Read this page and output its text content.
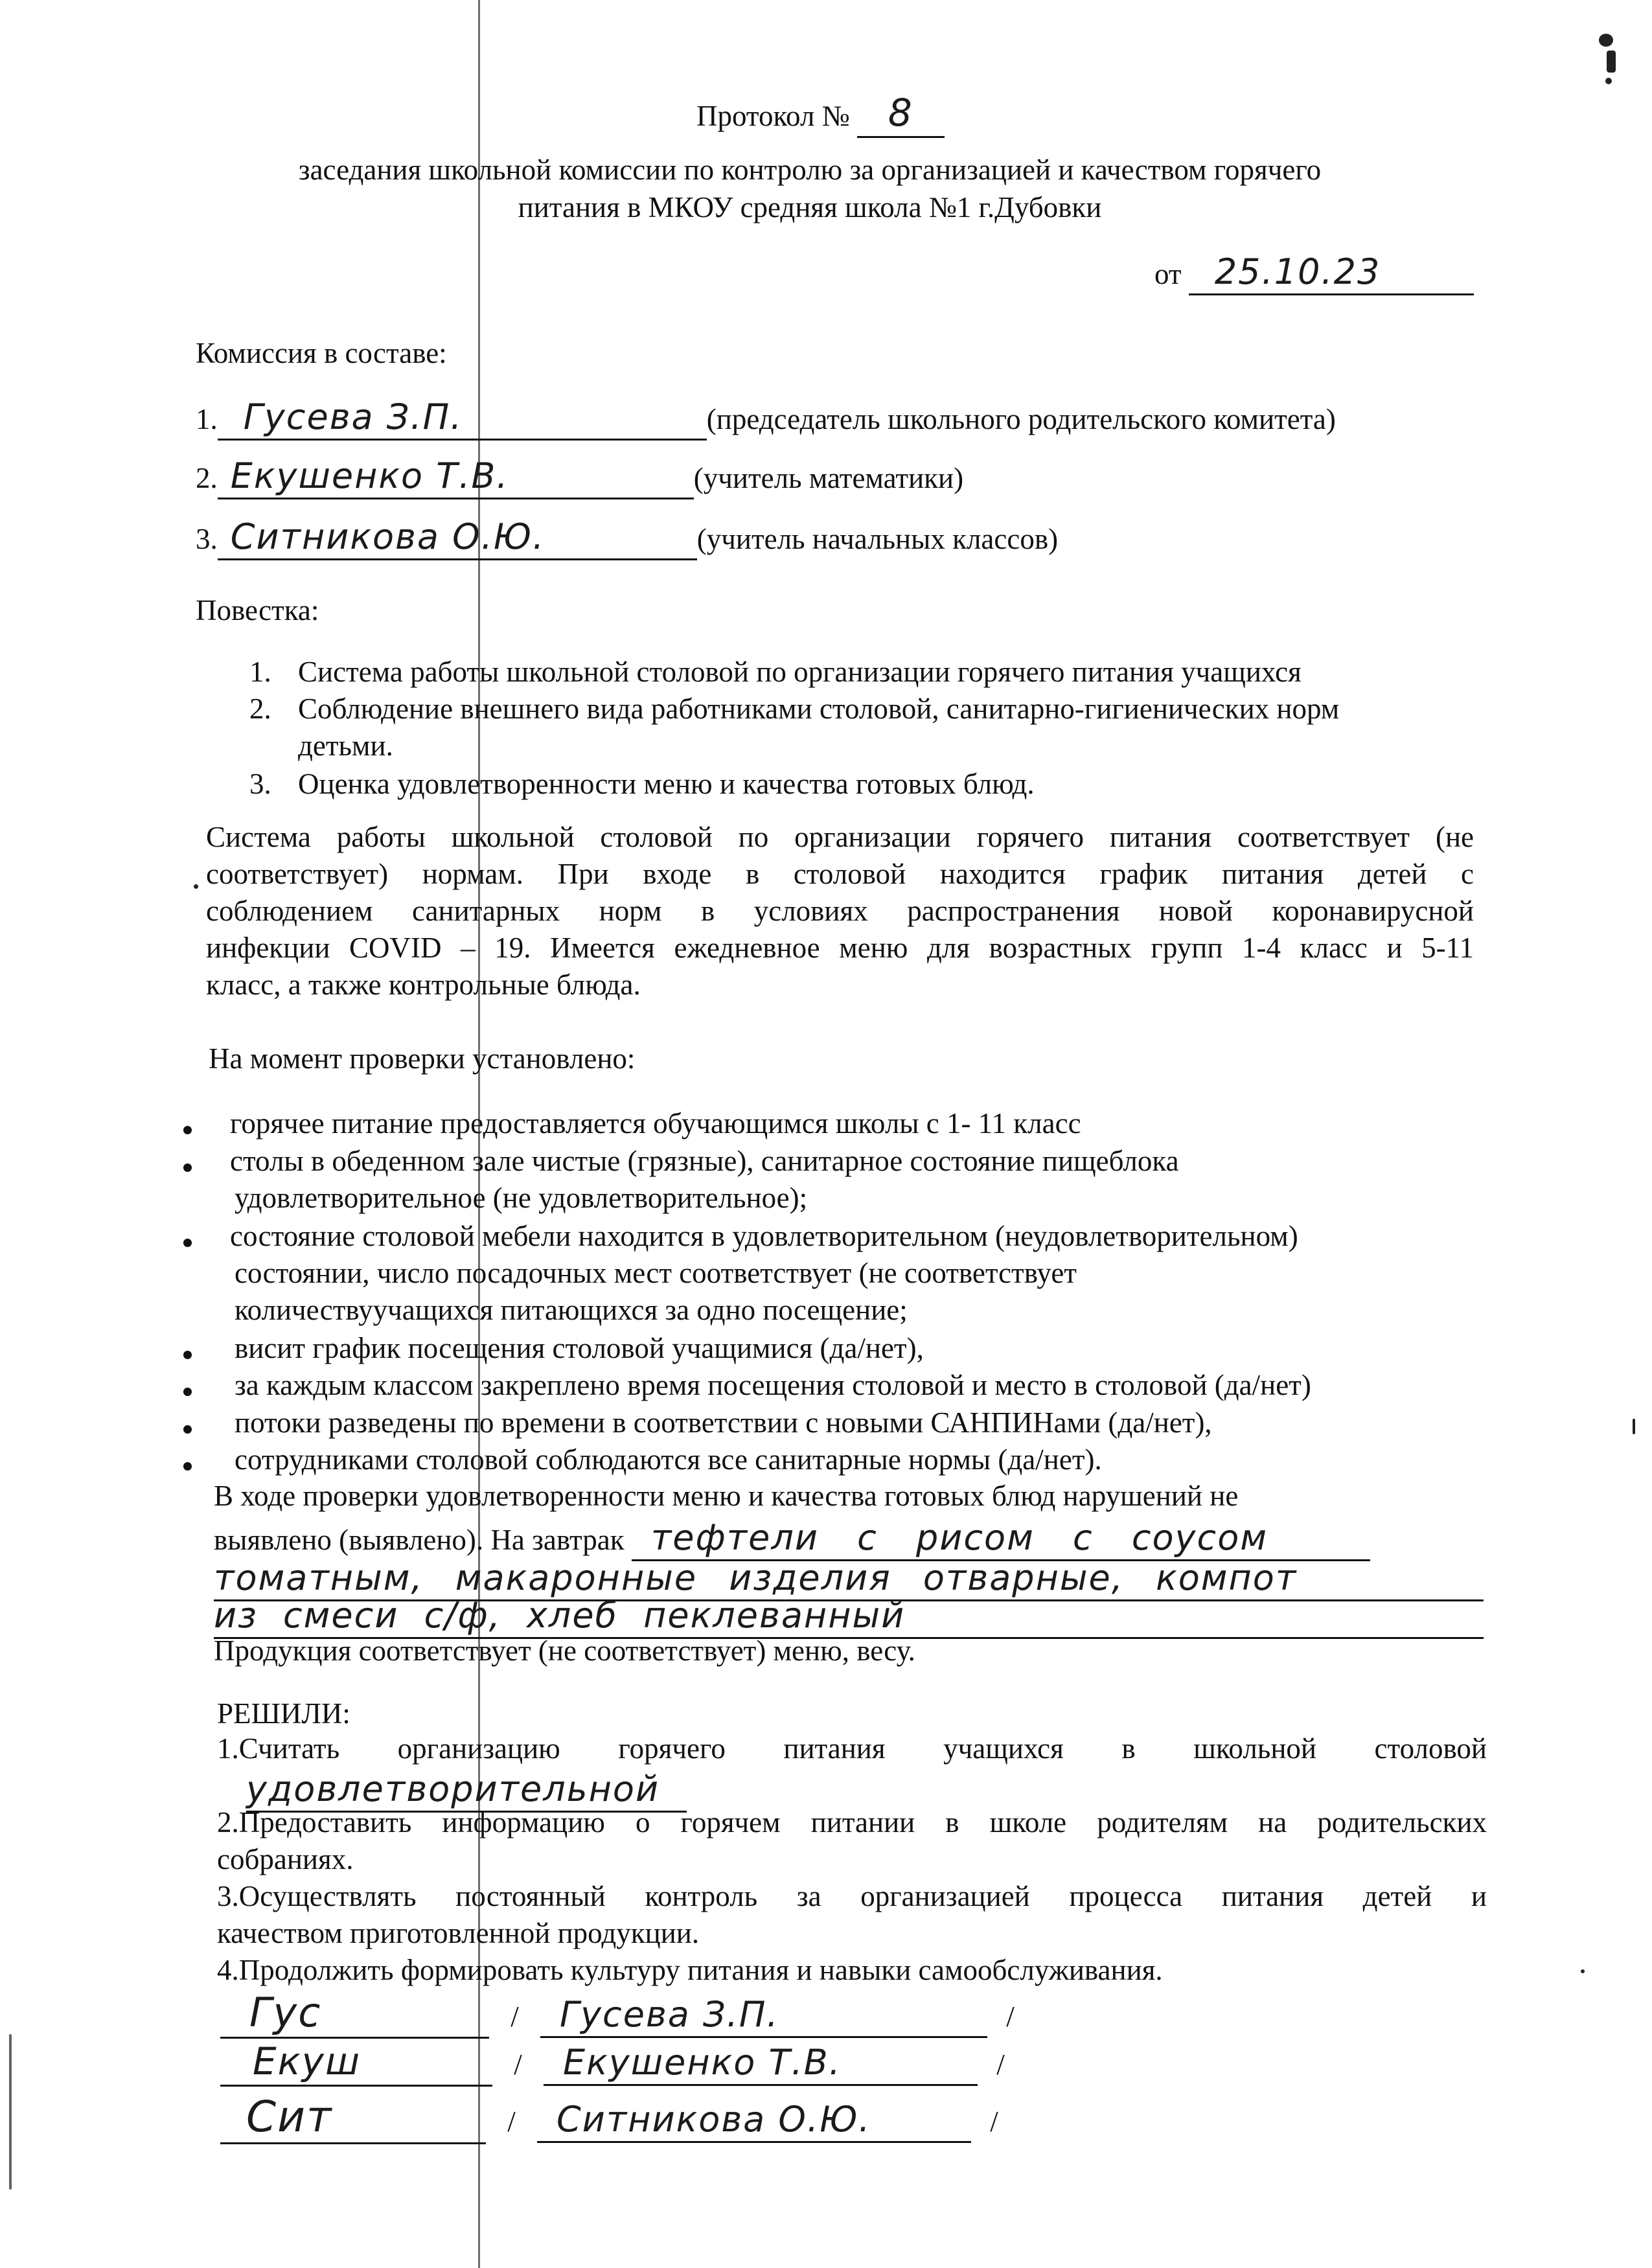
Протокол № 8
заседания школьной комиссии по контролю за организацией и качеством горячего
питания в МКОУ средняя школа №1 г.Дубовки
от 25.10.23
Комиссия в составе:
1. Гусева З.П.	(председатель школьного родительского комитета)
2. Екушенко Т.В.	(учитель математики)
3. Ситникова О.Ю.	(учитель начальных классов)
Повестка:
1. Система работы школьной столовой по организации горячего питания учащихся
2. Соблюдение внешнего вида работниками столовой, санитарно-гигиенических норм
детьми.
3. Оценка удовлетворенности меню и качества готовых блюд.
Система работы школьной столовой по организации горячего питания соответствует (не
соответствует) нормам. При входе в столовой находится график питания детей с
соблюдением санитарных норм в условиях распространения новой коронавирусной
инфекции COVID – 19. Имеется ежедневное меню для возрастных групп 1-4 класс и 5-11
класс, а также контрольные блюда.
На момент проверки установлено:
горячее питание предоставляется обучающимся школы с 1- 11 класс
столы в обеденном зале чистые (грязные), санитарное состояние пищеблока
удовлетворительное (не удовлетворительное);
состояние столовой мебели находится в удовлетворительном (неудовлетворительном)
состоянии, число посадочных мест соответствует (не соответствует
количествуучащихся питающихся за одно посещение;
висит график посещения столовой учащимися (да/нет),
за каждым классом закреплено время посещения столовой и место в столовой (да/нет)
потоки разведены по времени в соответствии с новыми САНПИНами (да/нет),
сотрудниками столовой соблюдаются все санитарные нормы (да/нет).
В ходе проверки удовлетворенности меню и качества готовых блюд нарушений не
выявлено (выявлено). На завтрак тефтели с рисом с соусом
томатным, макаронные изделия отварные, компот
из смеси с/ф, хлеб пеклеванный
Продукция соответствует (не соответствует) меню, весу.
РЕШИЛИ:
1.Считать организацию горячего питания учащихся в школьной столовой
удовлетворительной
2.Предоставить информацию о горячем питании в школе родителям на родительских
собраниях.
3.Осуществлять постоянный контроль за организацией процесса питания детей и
качеством приготовленной продукции.
4.Продолжить формировать культуру питания и навыки самообслуживания.
Гус	/ Гусева З.П.	/
Екуш	/ Екушенко Т.В.	/
Сит	/ Ситникова О.Ю.	/
